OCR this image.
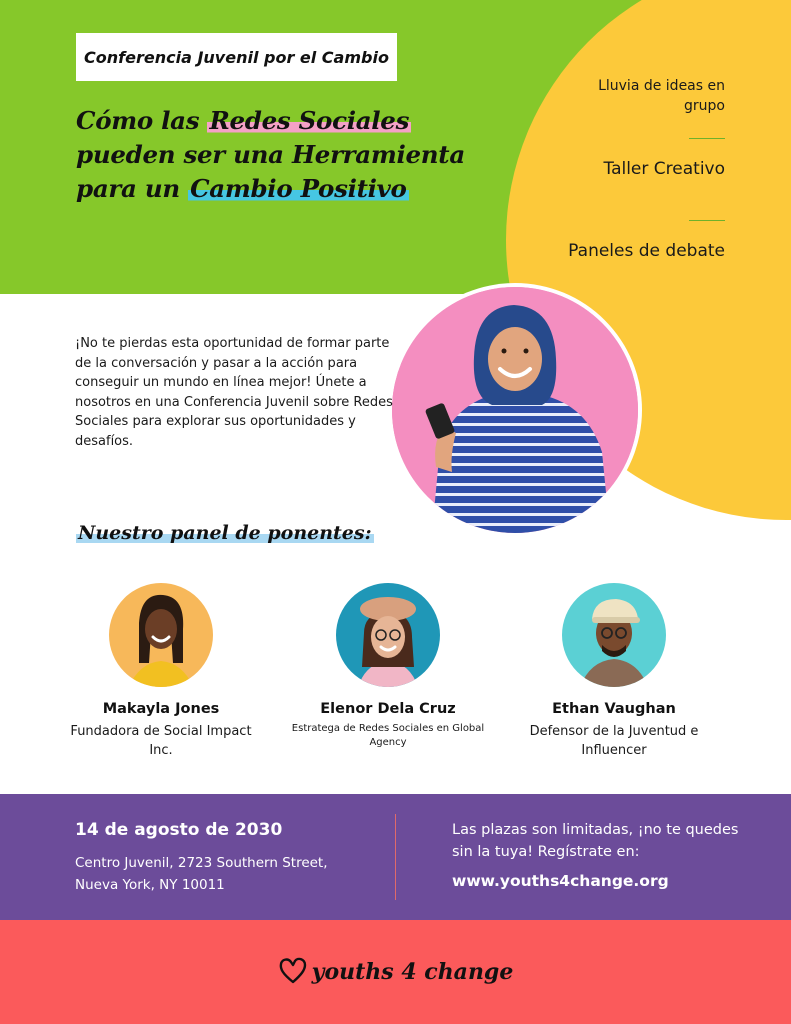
Conferencia Juvenil por el Cambio
Cómo las Redes Sociales
pueden ser una Herramienta
para un Cambio Positivo
Lluvia de ideas en grupo
Taller Creativo
Paneles de debate

¡No te pierdas esta oportunidad de formar parte de la conversación y pasar a la acción para conseguir un mundo en línea mejor! Únete a nosotros en una Conferencia Juvenil sobre Redes Sociales para explorar sus oportunidades y desafíos.

Nuestro panel de ponentes:
Makayla Jones
Fundadora de Social Impact Inc.
Elenor Dela Cruz
Estratega de Redes Sociales en Global Agency
Ethan Vaughan
Defensor de la Juventud e Influencer
14 de agosto de 2030
Centro Juvenil, 2723 Southern Street, Nueva York, NY 10011
Las plazas son limitadas, ¡no te quedes sin la tuya! Regístrate en:
www.youths4change.org
youths 4 change
